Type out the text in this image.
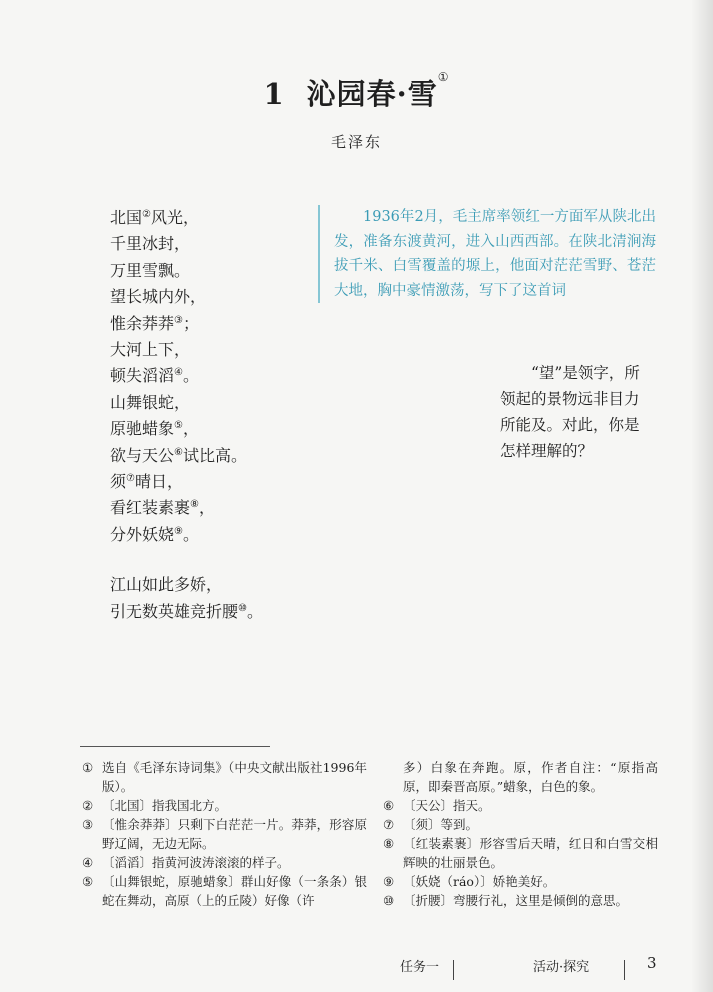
1 沁园春·雪①
毛泽东
北国②风光，
千里冰封，
万里雪飘。
望长城内外，
惟余莽莽③；
大河上下，
顿失滔滔④。
山舞银蛇，
原驰蜡象⑤，
欲与天公⑥试比高。
须⑦晴日，
看红装素裹⑧，
分外妖娆⑨。
江山如此多娇，
引无数英雄竞折腰⑩。
1936年2月，毛主席率领红一方面军从陕北出发，准备东渡黄河，进入山西西部。在陕北清涧海拔千米、白雪覆盖的塬上，他面对茫茫雪野、苍茫大地，胸中豪情激荡，写下了这首词
“望”是领字，所领起的景物远非目力所能及。对此，你是怎样理解的？
① 选自《毛泽东诗词集》（中央文献出版社1996年版）。
② 〔北国〕指我国北方。
③ 〔惟余莽莽〕只剩下白茫茫一片。莽莽，形容原野辽阔，无边无际。
④ 〔滔滔〕指黄河波涛滚滚的样子。
⑤ 〔山舞银蛇，原驰蜡象〕群山好像（一条条）银蛇在舞动，高原（上的丘陵）好像（许
多）白象在奔跑。原，作者自注：“原指高原，即秦晋高原。”蜡象，白色的象。
⑥ 〔天公〕指天。
⑦ 〔须〕等到。
⑧ 〔红装素裹〕形容雪后天晴，红日和白雪交相辉映的壮丽景色。
⑨ 〔妖娆（ráo）〕娇艳美好。
⑩ 〔折腰〕弯腰行礼，这里是倾倒的意思。
任务一	活动·探究	3
